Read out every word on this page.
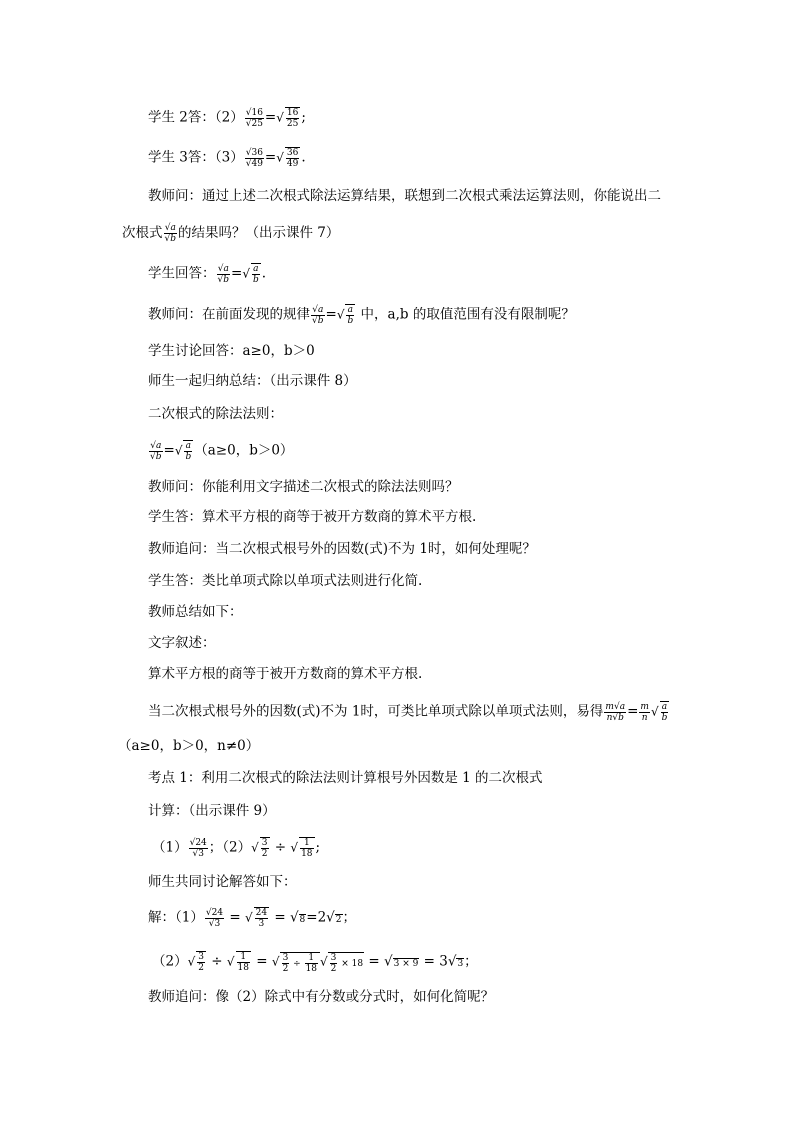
学生 2答：$(2) \frac{√16}{√25}$ =√ $\frac{16}{25}$ ;
学生 3答：$(3) \frac{√36}{√49}$ =√ $\frac{36}{49}$ .
教师问：通过上述二次根式除法运算结果，联想到二次根式乘法运算法则，你能说出二
次根式 $\frac{√a}{√b}$ 的结果吗？（出示课件 7）
学生回答： $\frac{√a}{√b}$ =√ $\frac{a}{b}$ .
教师问：在前面发现的规律 $\frac{√a}{√b}$ =√ $\frac{a}{b}$ 中，a,b 的取值范围有没有限制呢？
学生讨论回答：a≥0，b＞0
师生一起归纳总结：（出示课件 8）
二次根式的除法法则：
$\frac{√a}{√b}$ =√ $\frac{a}{b} (a\ge 0$，b＞0）
教师问：你能利用文字描述二次根式的除法法则吗？
学生答：算术平方根的商等于被开方数商的算术平方根.
教师追问：当二次根式根号外的因数(式)不为 1时，如何处理呢？
学生答：类比单项式除以单项式法则进行化简.
教师总结如下：
文字叙述：
算术平方根的商等于被开方数商的算术平方根.
当二次根式根号外的因数(式)不为 1时，可类比单项式除以单项式法则，易得 $\frac{m√a}{n√b} = \frac{m}{n}$ √ $\frac{a}{b}$
（a≥0，b＞0，n≠0）
考点 1：利用二次根式的除法法则计算根号外因数是 1 的二次根式
计算：（出示课件 9）
$(1) \frac{√24}{√3}$ ；$(2)√ \frac{3}{2}$ ÷ √ $\frac{1}{18}$ ;
师生共同讨论解答如下：
解：$(1) \frac{√24}{√3}$ = √ $\frac{24}{3} = √8=2√2$；
$(2)√ \frac{3}{2}$ ÷ √ $\frac{1}{18}$ = √ $\frac{3}{2} \div \frac{1}{18}$ √ $\frac{3}{2} \times 18 = √3 \times 9 = 3√3$；
教师追问：像（2）除式中有分数或分式时，如何化简呢？
